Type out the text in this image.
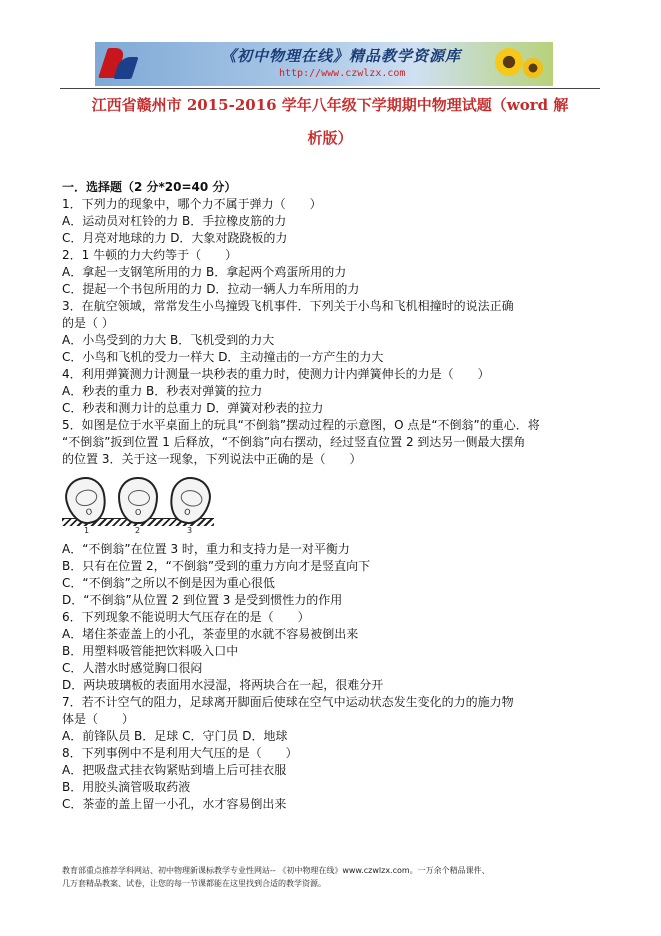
《初中物理在线》精品教学资源库
http://www.czwlzx.com
江西省赣州市 2015-2016 学年八年级下学期期中物理试题（word 解
析版）
一．选择题（2 分*20=40 分）
1．下列力的现象中，哪个力不属于弹力（　　）
A．运动员对杠铃的力 B．手拉橡皮筋的力
C．月亮对地球的力 D．大象对跷跷板的力
2．1 牛顿的力大约等于（　　）
A．拿起一支钢笔所用的力 B．拿起两个鸡蛋所用的力
C．提起一个书包所用的力 D．拉动一辆人力车所用的力
3．在航空领域，常常发生小鸟撞毁飞机事件．下列关于小鸟和飞机相撞时的说法正确
的是（ ）
A．小鸟受到的力大 B．飞机受到的力大
C．小鸟和飞机的受力一样大 D．主动撞击的一方产生的力大
4．利用弹簧测力计测量一块秒表的重力时，使测力计内弹簧伸长的力是（　　）
A．秒表的重力 B．秒表对弹簧的拉力
C．秒表和测力计的总重力 D．弹簧对秒表的拉力
5．如图是位于水平桌面上的玩具“不倒翁”摆动过程的示意图，O 点是“不倒翁”的重心．将
“不倒翁”扳到位置 1 后释放，“不倒翁”向右摆动，经过竖直位置 2 到达另一侧最大摆角
的位置 3．关于这一现象，下列说法中正确的是（　　）
O	O	O
1	2	3
A．“不倒翁”在位置 3 时，重力和支持力是一对平衡力
B．只有在位置 2，“不倒翁”受到的重力方向才是竖直向下
C．“不倒翁”之所以不倒是因为重心很低
D．“不倒翁”从位置 2 到位置 3 是受到惯性力的作用
6．下列现象不能说明大气压存在的是（　　）
A．堵住茶壶盖上的小孔，茶壶里的水就不容易被倒出来
B．用塑料吸管能把饮料吸入口中
C．人潜水时感觉胸口很闷
D．两块玻璃板的表面用水浸湿，将两块合在一起，很难分开
7．若不计空气的阻力，足球离开脚面后使球在空气中运动状态发生变化的力的施力物
体是（　　）
A．前锋队员 B．足球 C．守门员 D．地球
8．下列事例中不是利用大气压的是（　　）
A．把吸盘式挂衣钩紧贴到墙上后可挂衣服
B．用胶头滴管吸取药液
C．茶壶的盖上留一小孔，水才容易倒出来
教育部重点推荐学科网站、初中物理新课标教学专业性网站-- 《初中物理在线》www.czwlzx.com。一万余个精品课件、
几万套精品教案、试卷，让您的每一节课都能在这里找到合适的教学资源。
